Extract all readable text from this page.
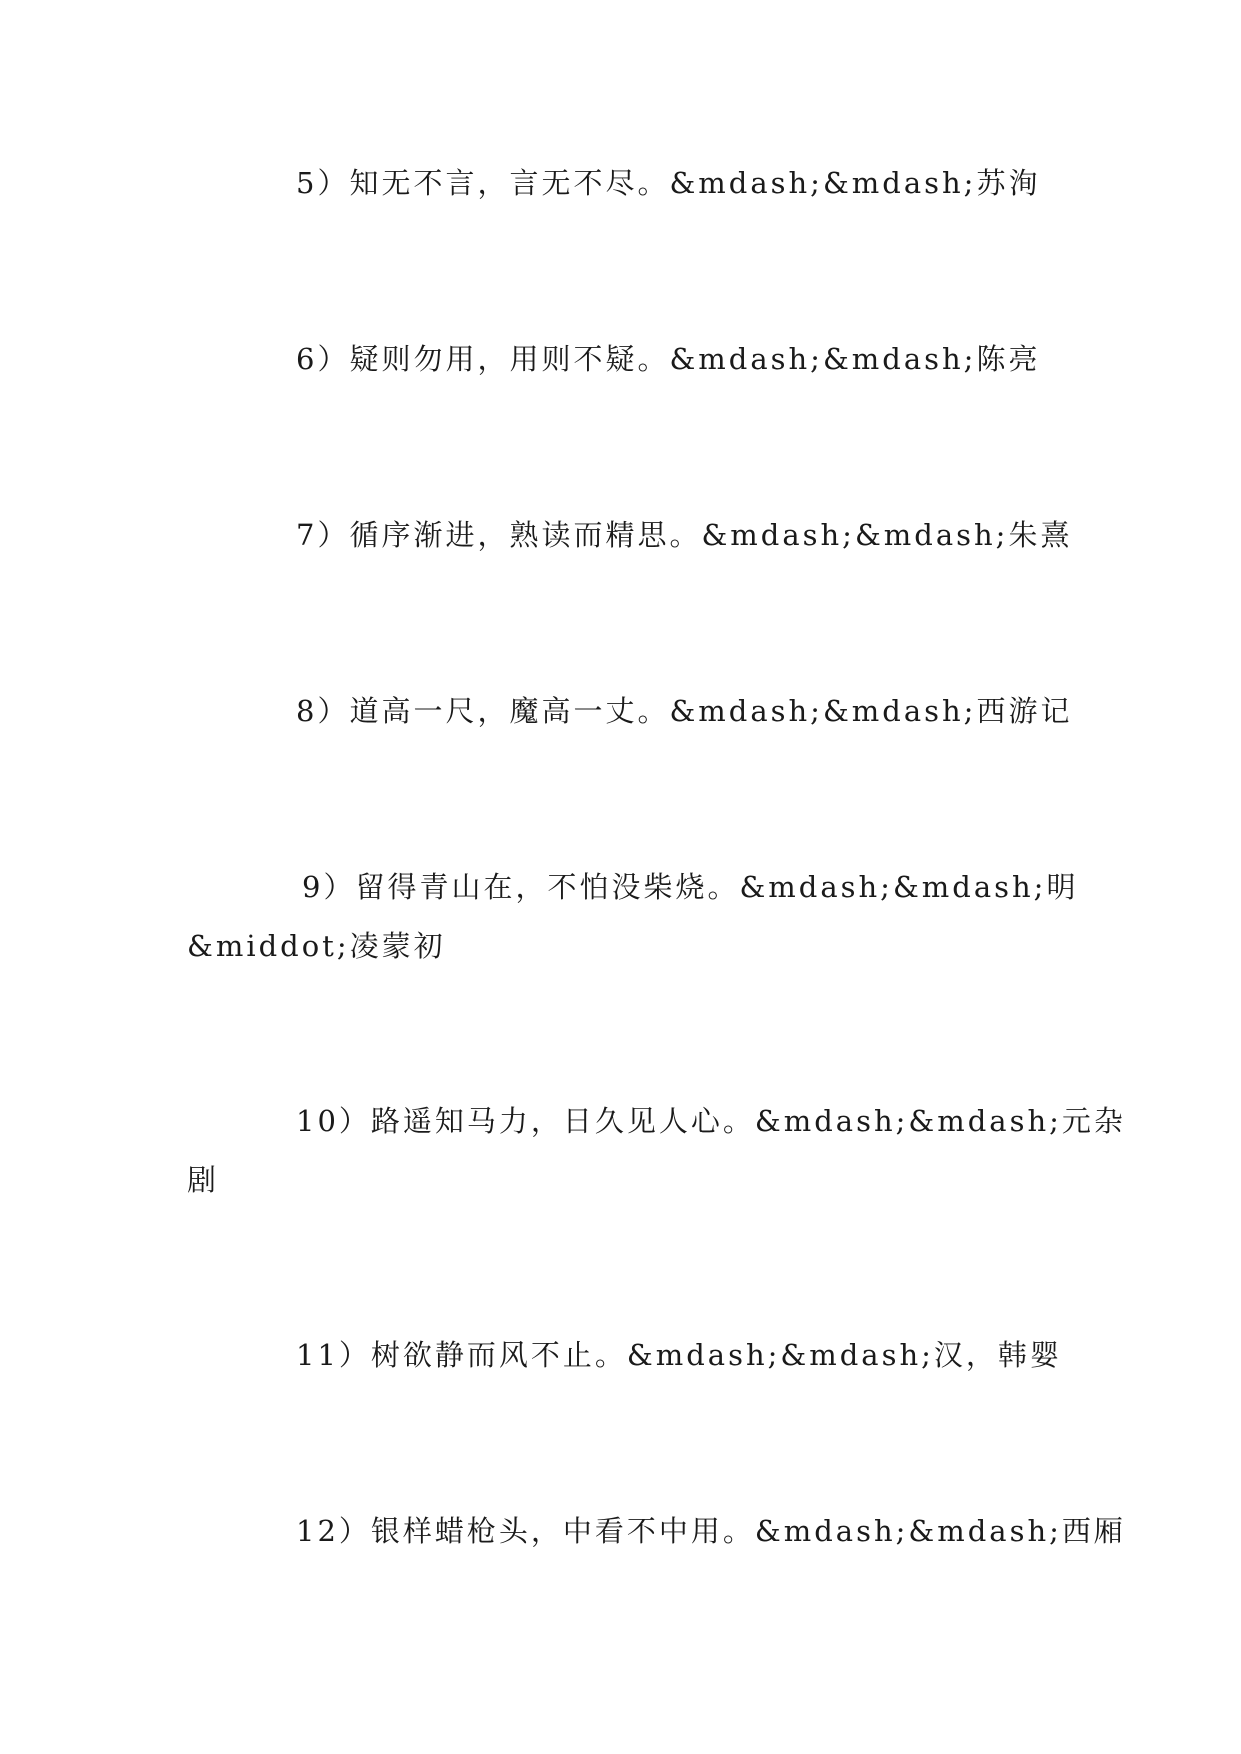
5）知无不言，言无不尽。&mdash;&mdash;苏洵
6）疑则勿用，用则不疑。&mdash;&mdash;陈亮
7）循序渐进，熟读而精思。&mdash;&mdash;朱熹
8）道高一尺，魔高一丈。&mdash;&mdash;西游记
9）留得青山在，不怕没柴烧。&mdash;&mdash;明
&middot;凌蒙初
10）路遥知马力，日久见人心。&mdash;&mdash;元杂
剧
11）树欲静而风不止。&mdash;&mdash;汉，韩婴
12）银样蜡枪头，中看不中用。&mdash;&mdash;西厢
